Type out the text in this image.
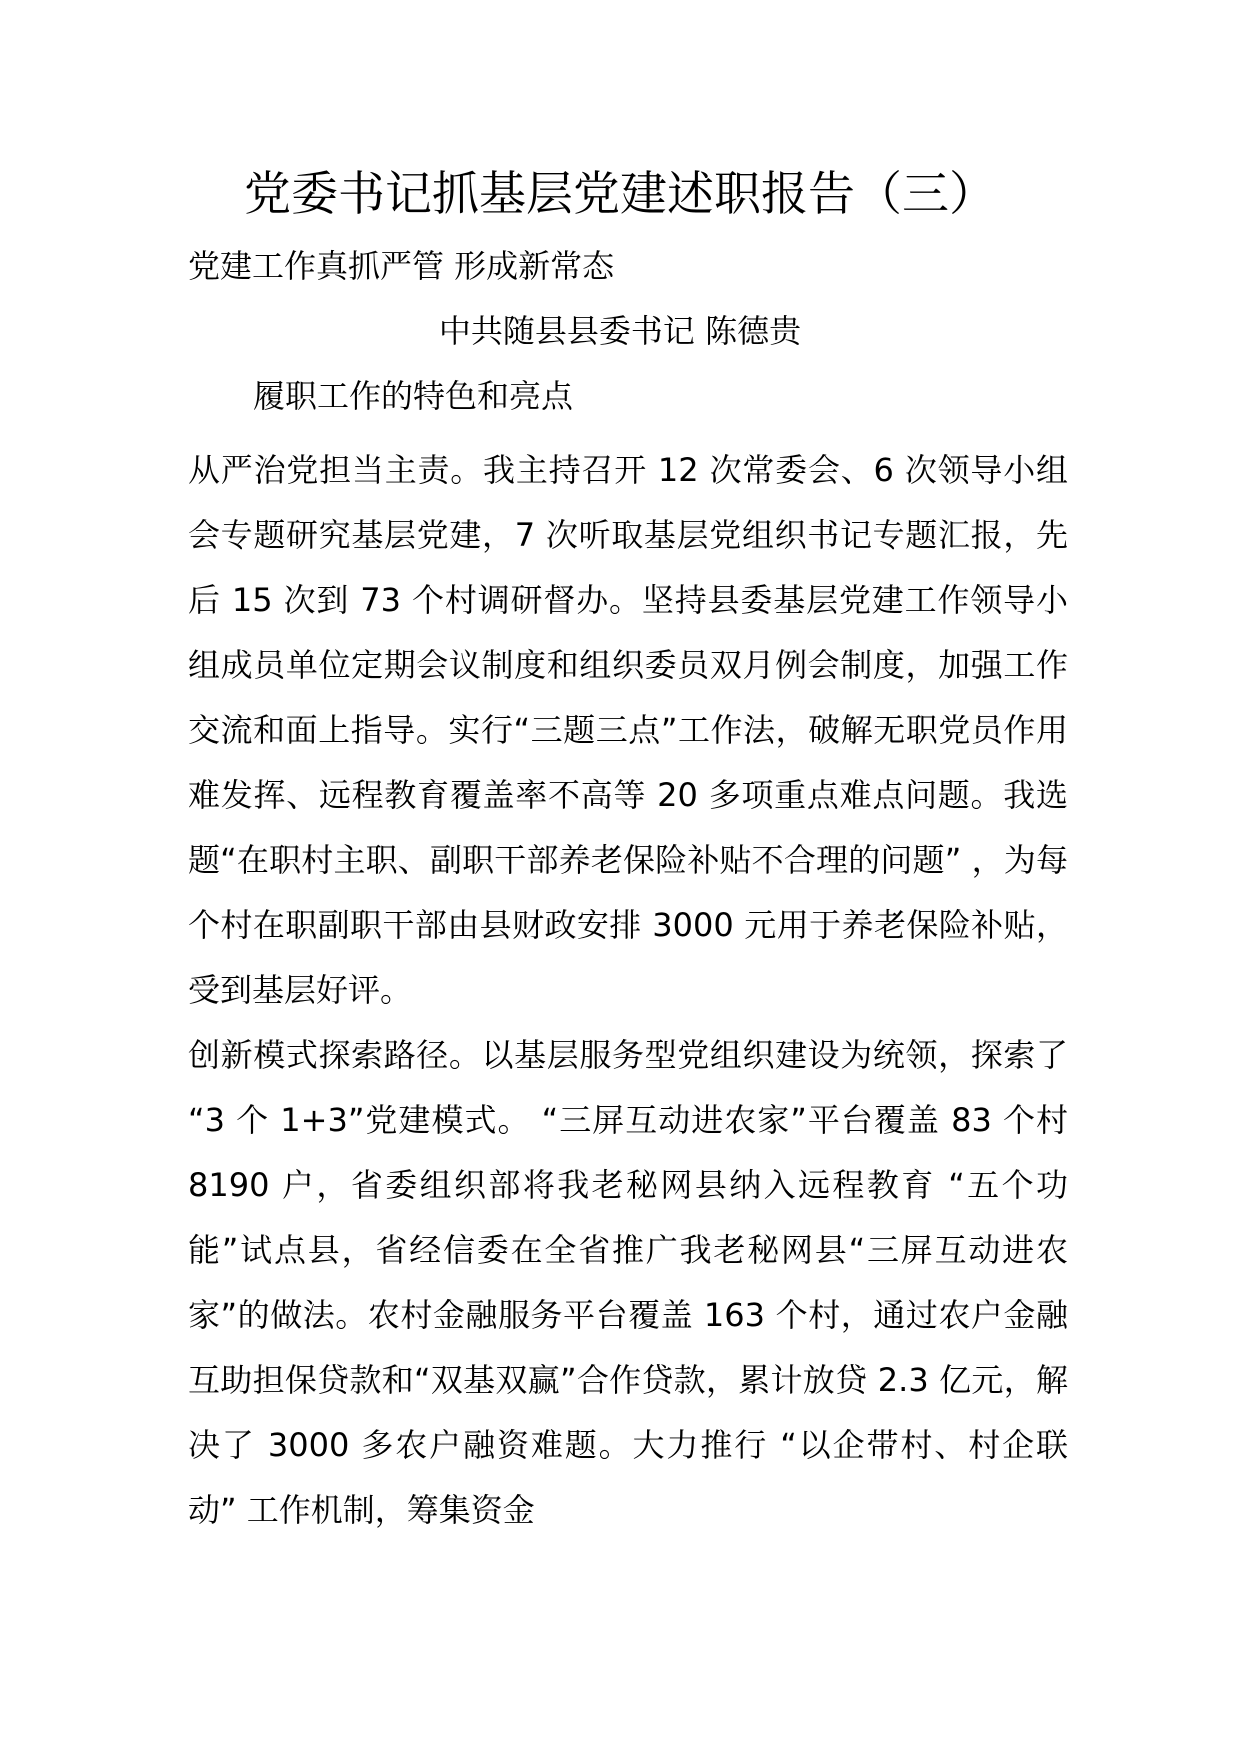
党委书记抓基层党建述职报告（三）
党建工作真抓严管 形成新常态
中共随县县委书记 陈德贵
履职工作的特色和亮点

从严治党担当主责。我主持召开 12 次常委会、6 次领导小组会专题研究基层党建，7 次听取基层党组织书记专题汇报，先后 15 次到 73 个村调研督办。坚持县委基层党建工作领导小组成员单位定期会议制度和组织委员双月例会制度，加强工作交流和面上指导。实行“三题三点”工作法，破解无职党员作用难发挥、远程教育覆盖率不高等 20 多项重点难点问题。我选题“在职村主职、副职干部养老保险补贴不合理的问题” ，为每个村在职副职干部由县财政安排 3000 元用于养老保险补贴，受到基层好评。

创新模式探索路径。以基层服务型党组织建设为统领，探索了 “3 个 1+3”党建模式。 “三屏互动进农家”平台覆盖 83 个村 8190 户，省委组织部将我老秘网县纳入远程教育 “五个功能”试点县，省经信委在全省推广我老秘网县“三屏互动进农家”的做法。农村金融服务平台覆盖 163 个村，通过农户金融互助担保贷款和“双基双赢”合作贷款，累计放贷 2.3 亿元，解决了 3000 多农户融资难题。大力推行 “以企带村、村企联动” 工作机制，筹集资金
